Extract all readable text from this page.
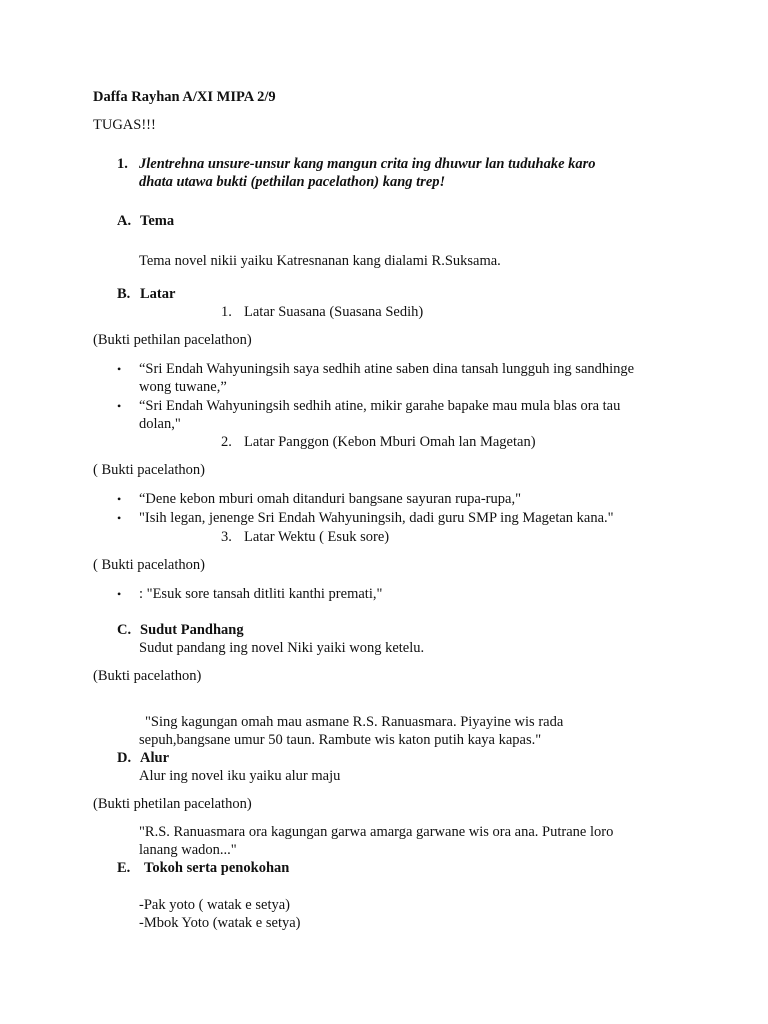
Daffa Rayhan A/XI MIPA 2/9
TUGAS!!!
1. Jlentrehna unsure-unsur kang mangun crita ing dhuwur lan tuduhake karo
dhata utawa bukti (pethilan pacelathon) kang trep!
A. Tema
Tema novel nikii yaiku Katresnanan kang dialami R.Suksama.
B. Latar
1. Latar Suasana (Suasana Sedih)
(Bukti pethilan pacelathon)
• “Sri Endah Wahyuningsih saya sedhih atine saben dina tansah lungguh ing sandhinge
wong tuwane,”
• “Sri Endah Wahyuningsih sedhih atine, mikir garahe bapake mau mula blas ora tau
dolan,"
2. Latar Panggon (Kebon Mburi Omah lan Magetan)
( Bukti pacelathon)
• “Dene kebon mburi omah ditanduri bangsane sayuran rupa-rupa,"
• "Isih legan, jenenge Sri Endah Wahyuningsih, dadi guru SMP ing Magetan kana."
3. Latar Wektu ( Esuk sore)
( Bukti pacelathon)
• : "Esuk sore tansah ditliti kanthi premati,"
C. Sudut Pandhang
Sudut pandang ing novel Niki yaiki wong ketelu.
(Bukti pacelathon)
"Sing kagungan omah mau asmane R.S. Ranuasmara. Piyayine wis rada
sepuh,bangsane umur 50 taun. Rambute wis katon putih kaya kapas."
D. Alur
Alur ing novel iku yaiku alur maju
(Bukti phetilan pacelathon)
"R.S. Ranuasmara ora kagungan garwa amarga garwane wis ora ana. Putrane loro
lanang wadon..."
E. Tokoh serta penokohan
-Pak yoto ( watak e setya)
-Mbok Yoto (watak e setya)
